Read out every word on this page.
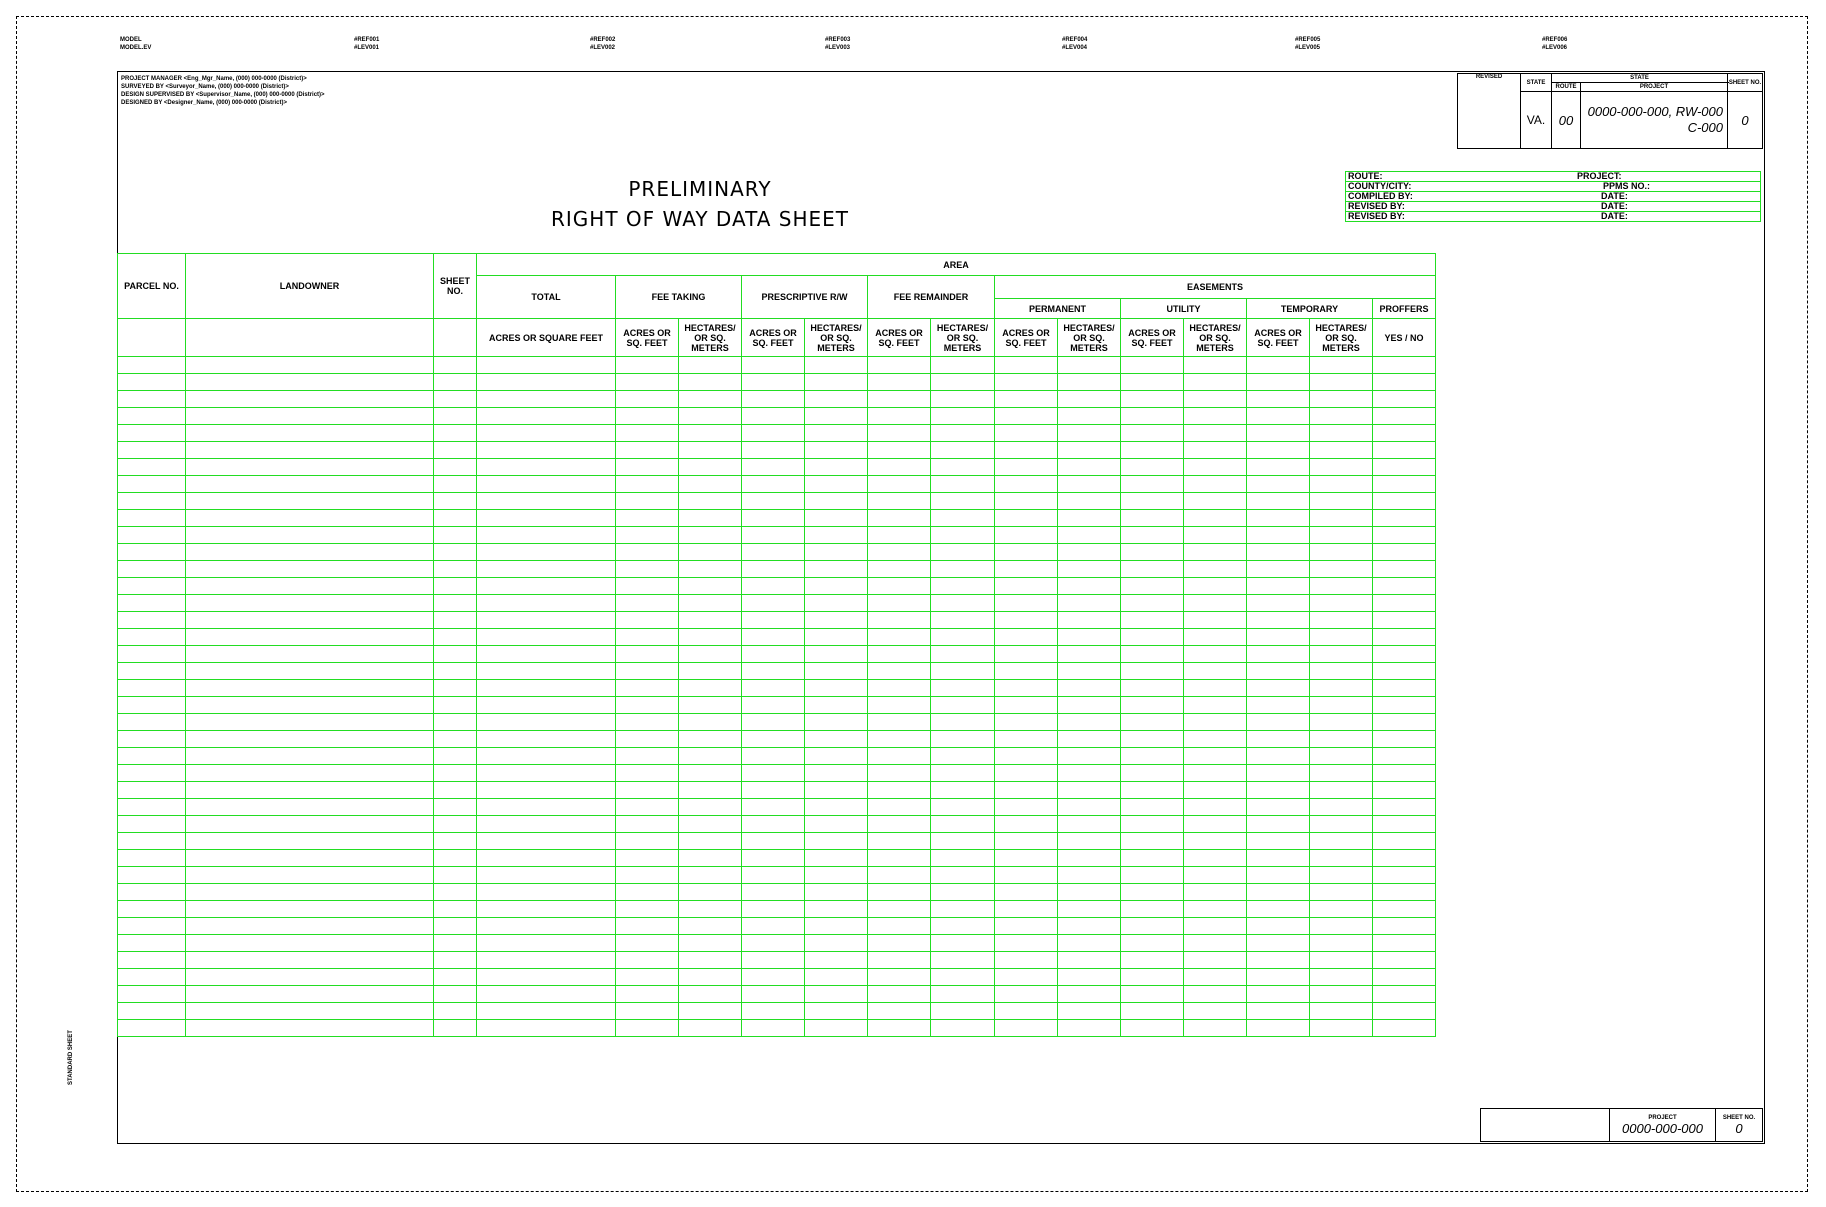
MODEL
MODEL.EV
#REF001
#LEV001
#REF002
#LEV002
#REF003
#LEV003
#REF004
#LEV004
#REF005
#LEV005
#REF006
#LEV006
PROJECT MANAGER <Eng_Mgr_Name, (000) 000-0000 (District)>
SURVEYED BY <Surveyor_Name, (000) 000-0000 (District)>
DESIGN SUPERVISED BY <Supervisor_Name, (000) 000-0000 (District)>
DESIGNED BY <Designer_Name, (000) 000-0000 (District)>
PRELIMINARY
RIGHT OF WAY DATA SHEET
REVISED	STATE	STATE		SHEET NO.
		ROUTE	PROJECT	
	VA.	00	0000-000-000, RW-000
C-000	0
ROUTE:	PROJECT:
COUNTY/CITY:	PPMS NO.:
COMPILED BY:	DATE:
REVISED BY:	DATE:
REVISED BY:	DATE:
PARCEL NO.	LANDOWNER	SHEET NO.	AREA													
			TOTAL	FEE TAKING		PRESCRIPTIVE R/W		FEE REMAINDER		EASEMENTS						
										PERMANENT		UTILITY		TEMPORARY		PROFFERS
			ACRES OR SQUARE FEET	ACRES OR SQ. FEET	HECTARES/ OR SQ. METERS	ACRES OR SQ. FEET	HECTARES/ OR SQ. METERS	ACRES OR SQ. FEET	HECTARES/ OR SQ. METERS	ACRES OR SQ. FEET	HECTARES/ OR SQ. METERS	ACRES OR SQ. FEET	HECTARES/ OR SQ. METERS	ACRES OR SQ. FEET	HECTARES/ OR SQ. METERS	YES / NO

PROJECT
0000-000-000

SHEET NO.
0
STANDARD SHEET
